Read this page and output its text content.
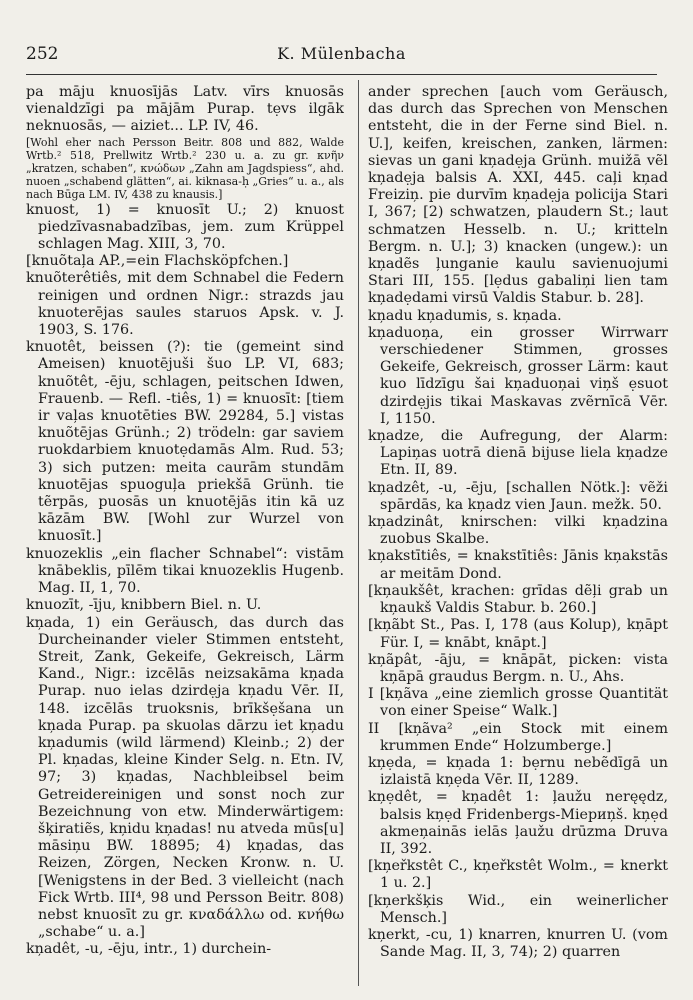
252	K. Mülenbacha

pa māju knuosījās Latv. vīrs knuosās vienaldzīgi pa mājām Purap. tẹvs ilgāk neknuosās, — aiziet... LP. IV, 46.

[Wohl eher nach Persson Beitr. 808 und 882, Walde Wrtb.² 518, Prellwitz Wrtb.² 230 u. a. zu gr. κνῆν „kratzen, schaben“, κνώδων „Zahn am Jagdspiess“, ahd. nuoen „schabend glätten“, ai. kiknasa-ḥ „Gries“ u. a., als nach Būga LM. IV, 438 zu knausis.]

knuost, 1) = knuosīt U.; 2) knuost piedzīvasnabadzības, jem. zum Krüppel schlagen Mag. XIII, 3, 70.

[knuõtaļa AP.,=ein Flachsköpfchen.]

knuõterêtiês, mit dem Schnabel die Federn reinigen und ordnen Nigr.: strazds jau knuoterējas saules staruos Apsk. v. J. 1903, S. 176.

knuotêt, beissen (?): tie (gemeint sind Ameisen) knuotējuši šuo LP. VI, 683; knuõtêt, -ēju, schlagen, peitschen Idwen, Frauenb. — Refl. -tiês, 1) = knuosīt: [tiem ir vaļas knuotēties BW. 29284, 5.] vistas knuõtējas Grünh.; 2) trödeln: gar saviem ruokdarbiem knuotẹdamās Alm. Rud. 53; 3) sich putzen: meita caurām stundām knuotējas spuoguļa priekšā Grünh. tie tẽrpās, puosās un knuotējās itin kā uz kāzām BW. [Wohl zur Wurzel von knuosīt.]

knuozeklis „ein flacher Schnabel“: vistām knābeklis, pīlēm tikai knuozeklis Hugenb. Mag. II, 1, 70.

knuozīt, -īju, knibbern Biel. n. U.

kņada, 1) ein Geräusch, das durch das Durcheinander vieler Stimmen entsteht, Streit, Zank, Gekeife, Gekreisch, Lärm Kand., Nigr.: izcēlās neizsakāma kņada Purap. nuo ielas dzirdẹja kņadu Vēr. II, 148. izcēlās truoksnis, brīkšẹšana un kņada Purap. pa skuolas dārzu iet kņadu kņadumis (wild lärmend) Kleinb.; 2) der Pl. kņadas, kleine Kinder Selg. n. Etn. IV, 97; 3) kņadas, Nachbleibsel beim Getreidereinigen und sonst noch zur Bezeichnung von etw. Minderwärtigem: šķiratiẽs, kņidu kņadas! nu atveda mūs[u] māsiņu BW. 18895; 4) kņadas, das Reizen, Zörgen, Necken Kronw. n. U. [Wenigstens in der Bed. 3 vielleicht (nach Fick Wrtb. III⁴, 98 und Persson Beitr. 808) nebst knuosīt zu gr. κναδάλλω od. κνήθω „schabe“ u. a.]

kņadêt, -u, -ēju, intr., 1) durchein-

ander sprechen [auch vom Geräusch, das durch das Sprechen von Menschen entsteht, die in der Ferne sind Biel. n. U.], keifen, kreischen, zanken, lärmen: sievas un gani kņadẹja Grünh. muižā vẽl kņadẹja balsis A. XXI, 445. caļi kņad Freiziņ. pie durvīm kņadẹja policija Stari I, 367; [2) schwatzen, plaudern St.; laut schmatzen Hesselb. n. U.; kritteln Bergm. n. U.]; 3) knacken (ungew.): un kņadẽs ļunganie kaulu savienuojumi Stari III, 155. [lẹdus gabaliņi lien tam kņadẹdami virsū Valdis Stabur. b. 28].

kņadu kņadumis, s. kņada.

kņaduoņa, ein grosser Wirrwarr verschiedener Stimmen, grosses Gekeife, Gekreisch, grosser Lärm: kaut kuo līdzīgu šai kņaduoņai viņš ẹsuot dzirdẹjis tikai Maskavas zvẽrnīcā Vēr. I, 1150.

kņadze, die Aufregung, der Alarm: Lapiņas uotrā dienā bijuse liela kņadze Etn. II, 89.

kņadzêt, -u, -ēju, [schallen Nötk.]: vẽži spārdās, ka kņadz vien Jaun. mežk. 50.

kņadzinât, knirschen: vilki kņadzina zuobus Skalbe.

kņakstītiês, = knakstītiês: Jānis kņakstās ar meitām Dond.

[kņaukšêt, krachen: grīdas dẽļi grab un kņaukš Valdis Stabur. b. 260.]

[kņãbt St., Pas. I, 178 (aus Kolup), kņāpt Für. I, = knābt, knāpt.]

kņãpât, -āju, = knāpāt, picken: vista kņāpā graudus Bergm. n. U., Ahs.

I [kņãva „eine ziemlich grosse Quantität von einer Speise“ Walk.]

II [kņãva² „ein Stock mit einem krummen Ende“ Holzumberge.]

kņẹda, = kņada 1: bẹrnu nebẽdīgā un izlaistā kņẹda Vēr. II, 1289.

kņẹdêt, = kņadêt 1: ļaužu neręędz, balsis kņẹd Fridenbergs-Miериņš. kņẹd akmeņainās ielās ļaužu drūzma Druva II, 392.

[kņeřkstêt C., kņeřkstêt Wolm., = knerkt 1 u. 2.]

[kņerkšķis Wid., ein weinerlicher Mensch.]

kņerkt, -cu, 1) knarren, knurren U. (vom Sande Mag. II, 3, 74); 2) quarren
